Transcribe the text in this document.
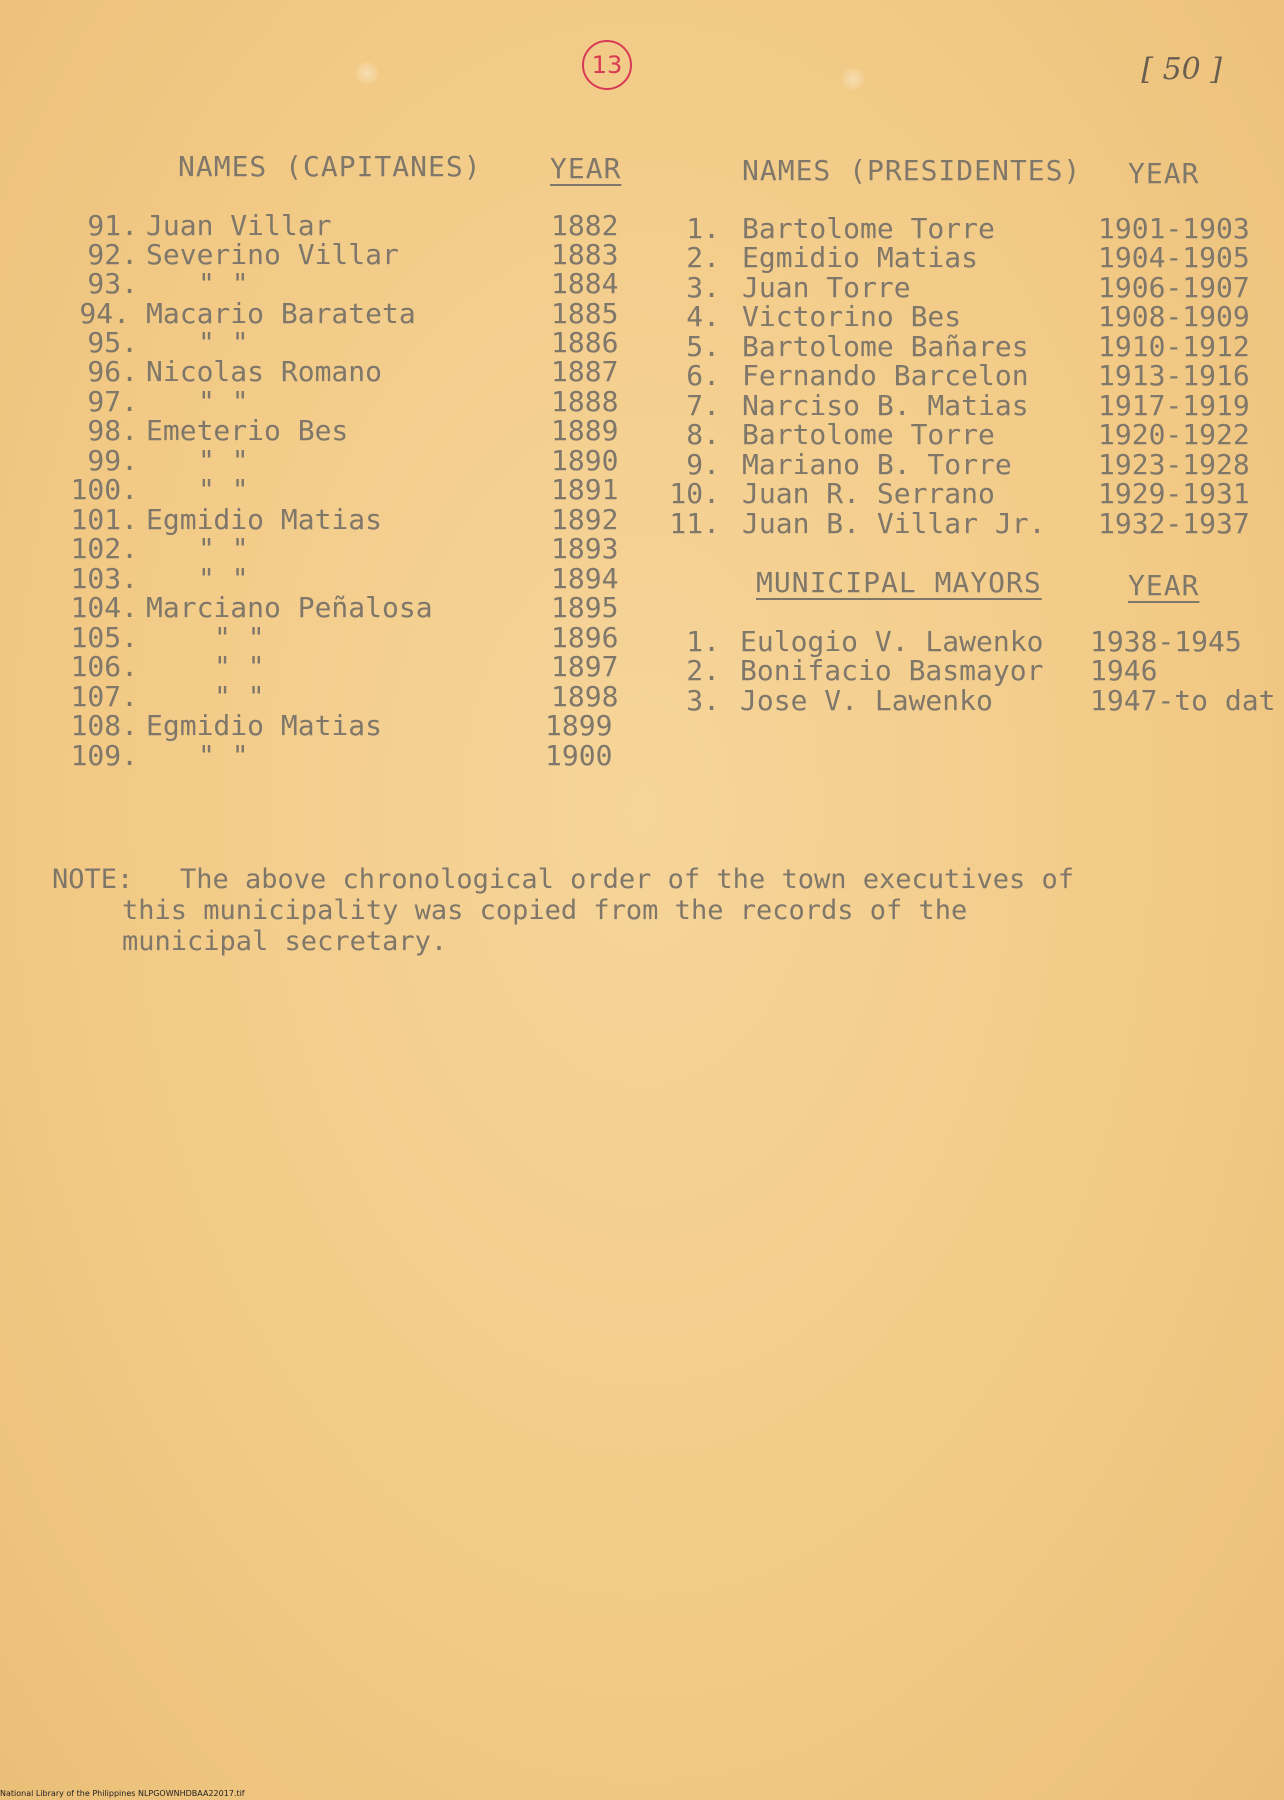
13	[ 50 ]
NAMES (CAPITANES) YEAR	NAMES (PRESIDENTES) YEAR
91. Juan Villar	1882
92. Severino Villar	1883
93. " "	1884
94. Macario Barateta	1885
95. " "	1886
96. Nicolas Romano	1887
97. " "	1888
98. Emeterio Bes	1889
99. " "	1890
100. " "	1891
101. Egmidio Matias	1892
102. " "	1893
103. " "	1894
104. Marciano Peñalosa	1895
105.	" "	1896
106.	" "	1897
107.	" "	1898
108. Egmidio Matias	1899
109. " "	1900
1. Bartolome Torre	1901-1903
2. Egmidio Matias	1904-1905
3. Juan Torre	1906-1907
4. Victorino Bes	1908-1909
5. Bartolome Bañares 1910-1912
6. Fernando Barcelon 1913-1916
7. Narciso B. Matias 1917-1919
8. Bartolome Torre	1920-1922
9. Mariano B. Torre	1923-1928
10. Juan R. Serrano	1929-1931
11. Juan B. Villar Jr. 1932-1937
MUNICIPAL MAYORS	YEAR
1. Eulogio V. Lawenko 1938-1945
2. Bonifacio Basmayor 1946
3. Jose V. Lawenko	1947-to dat
NOTE: The above chronological order of the town executives of
this municipality was copied from the records of the
municipal secretary.
National Library of the Philippines NLPGOWNHDBAA22017.tif
